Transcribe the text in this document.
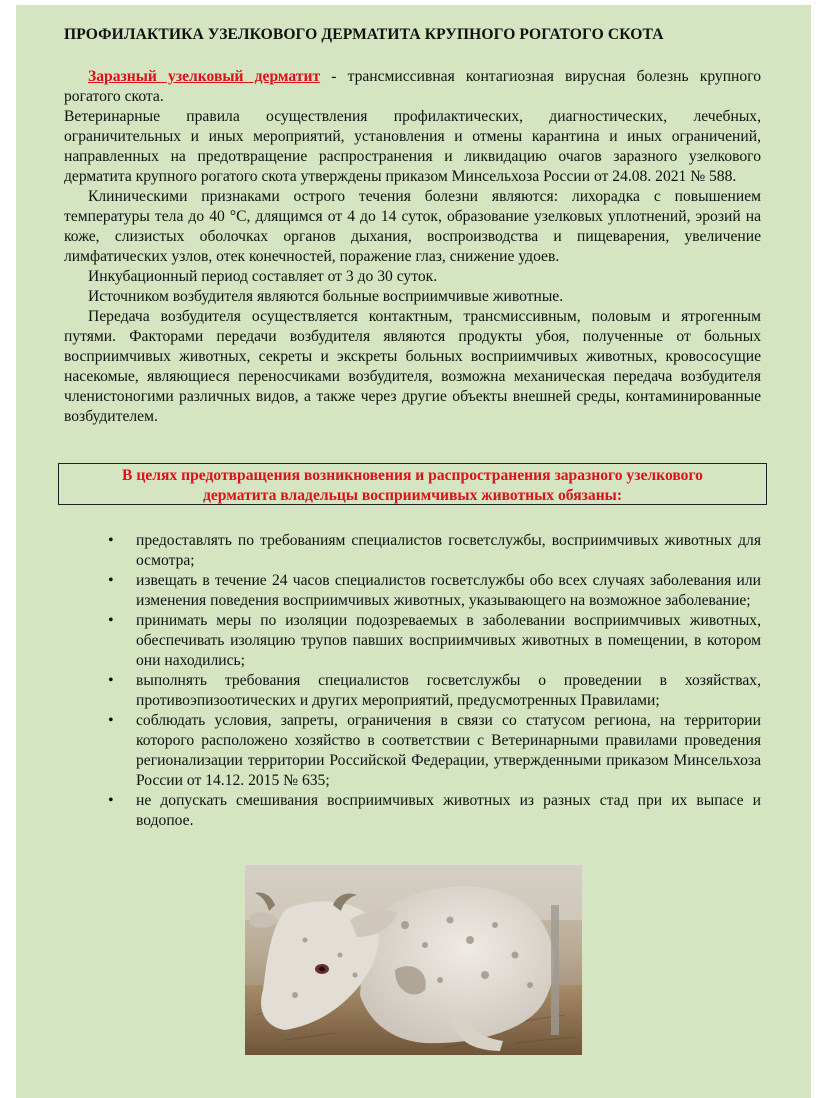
ПРОФИЛАКТИКА УЗЕЛКОВОГО ДЕРМАТИТА КРУПНОГО РОГАТОГО СКОТА

Заразный узелковый дерматит - трансмиссивная контагиозная вирусная болезнь крупного рогатого скота.

Ветеринарные правила осуществления профилактических, диагностических, лечебных, ограничительных и иных мероприятий, установления и отмены карантина и иных ограничений, направленных на предотвращение распространения и ликвидацию очагов заразного узелкового дерматита крупного рогатого скота утверждены приказом Минсельхоза России от 24.08. 2021 № 588.

Клиническими признаками острого течения болезни являются: лихорадка с повышением температуры тела до 40 °С, длящимся от 4 до 14 суток, образование узелковых уплотнений, эрозий на коже, слизистых оболочках органов дыхания, воспроизводства и пищеварения, увеличение лимфатических узлов, отек конечностей, поражение глаз, снижение удоев.

Инкубационный период составляет от 3 до 30 суток.

Источником возбудителя являются больные восприимчивые животные.

Передача возбудителя осуществляется контактным, трансмиссивным, половым и ятрогенным путями. Факторами передачи возбудителя являются продукты убоя, полученные от больных восприимчивых животных, секреты и экскреты больных восприимчивых животных, кровососущие насекомые, являющиеся переносчиками возбудителя, возможна механическая передача возбудителя членистоногими различных видов, а также через другие объекты внешней среды, контаминированные возбудителем.

В целях предотвращения возникновения и распространения заразного узелкового
дерматита владельцы восприимчивых животных обязаны:
• предоставлять по требованиям специалистов госветслужбы, восприимчивых животных для осмотра;
• извещать в течение 24 часов специалистов госветслужбы обо всех случаях заболевания или изменения поведения восприимчивых животных, указывающего на возможное заболевание;
• принимать меры по изоляции подозреваемых в заболевании восприимчивых животных, обеспечивать изоляцию трупов павших восприимчивых животных в помещении, в котором они находились;
• выполнять требования специалистов госветслужбы о проведении в хозяйствах, противоэпизоотических и других мероприятий, предусмотренных Правилами;
• соблюдать условия, запреты, ограничения в связи со статусом региона, на территории которого расположено хозяйство в соответствии с Ветеринарными правилами проведения регионализации территории Российской Федерации, утвержденными приказом Минсельхоза России от 14.12. 2015 № 635;
• не допускать смешивания восприимчивых животных из разных стад при их выпасе и водопое.
